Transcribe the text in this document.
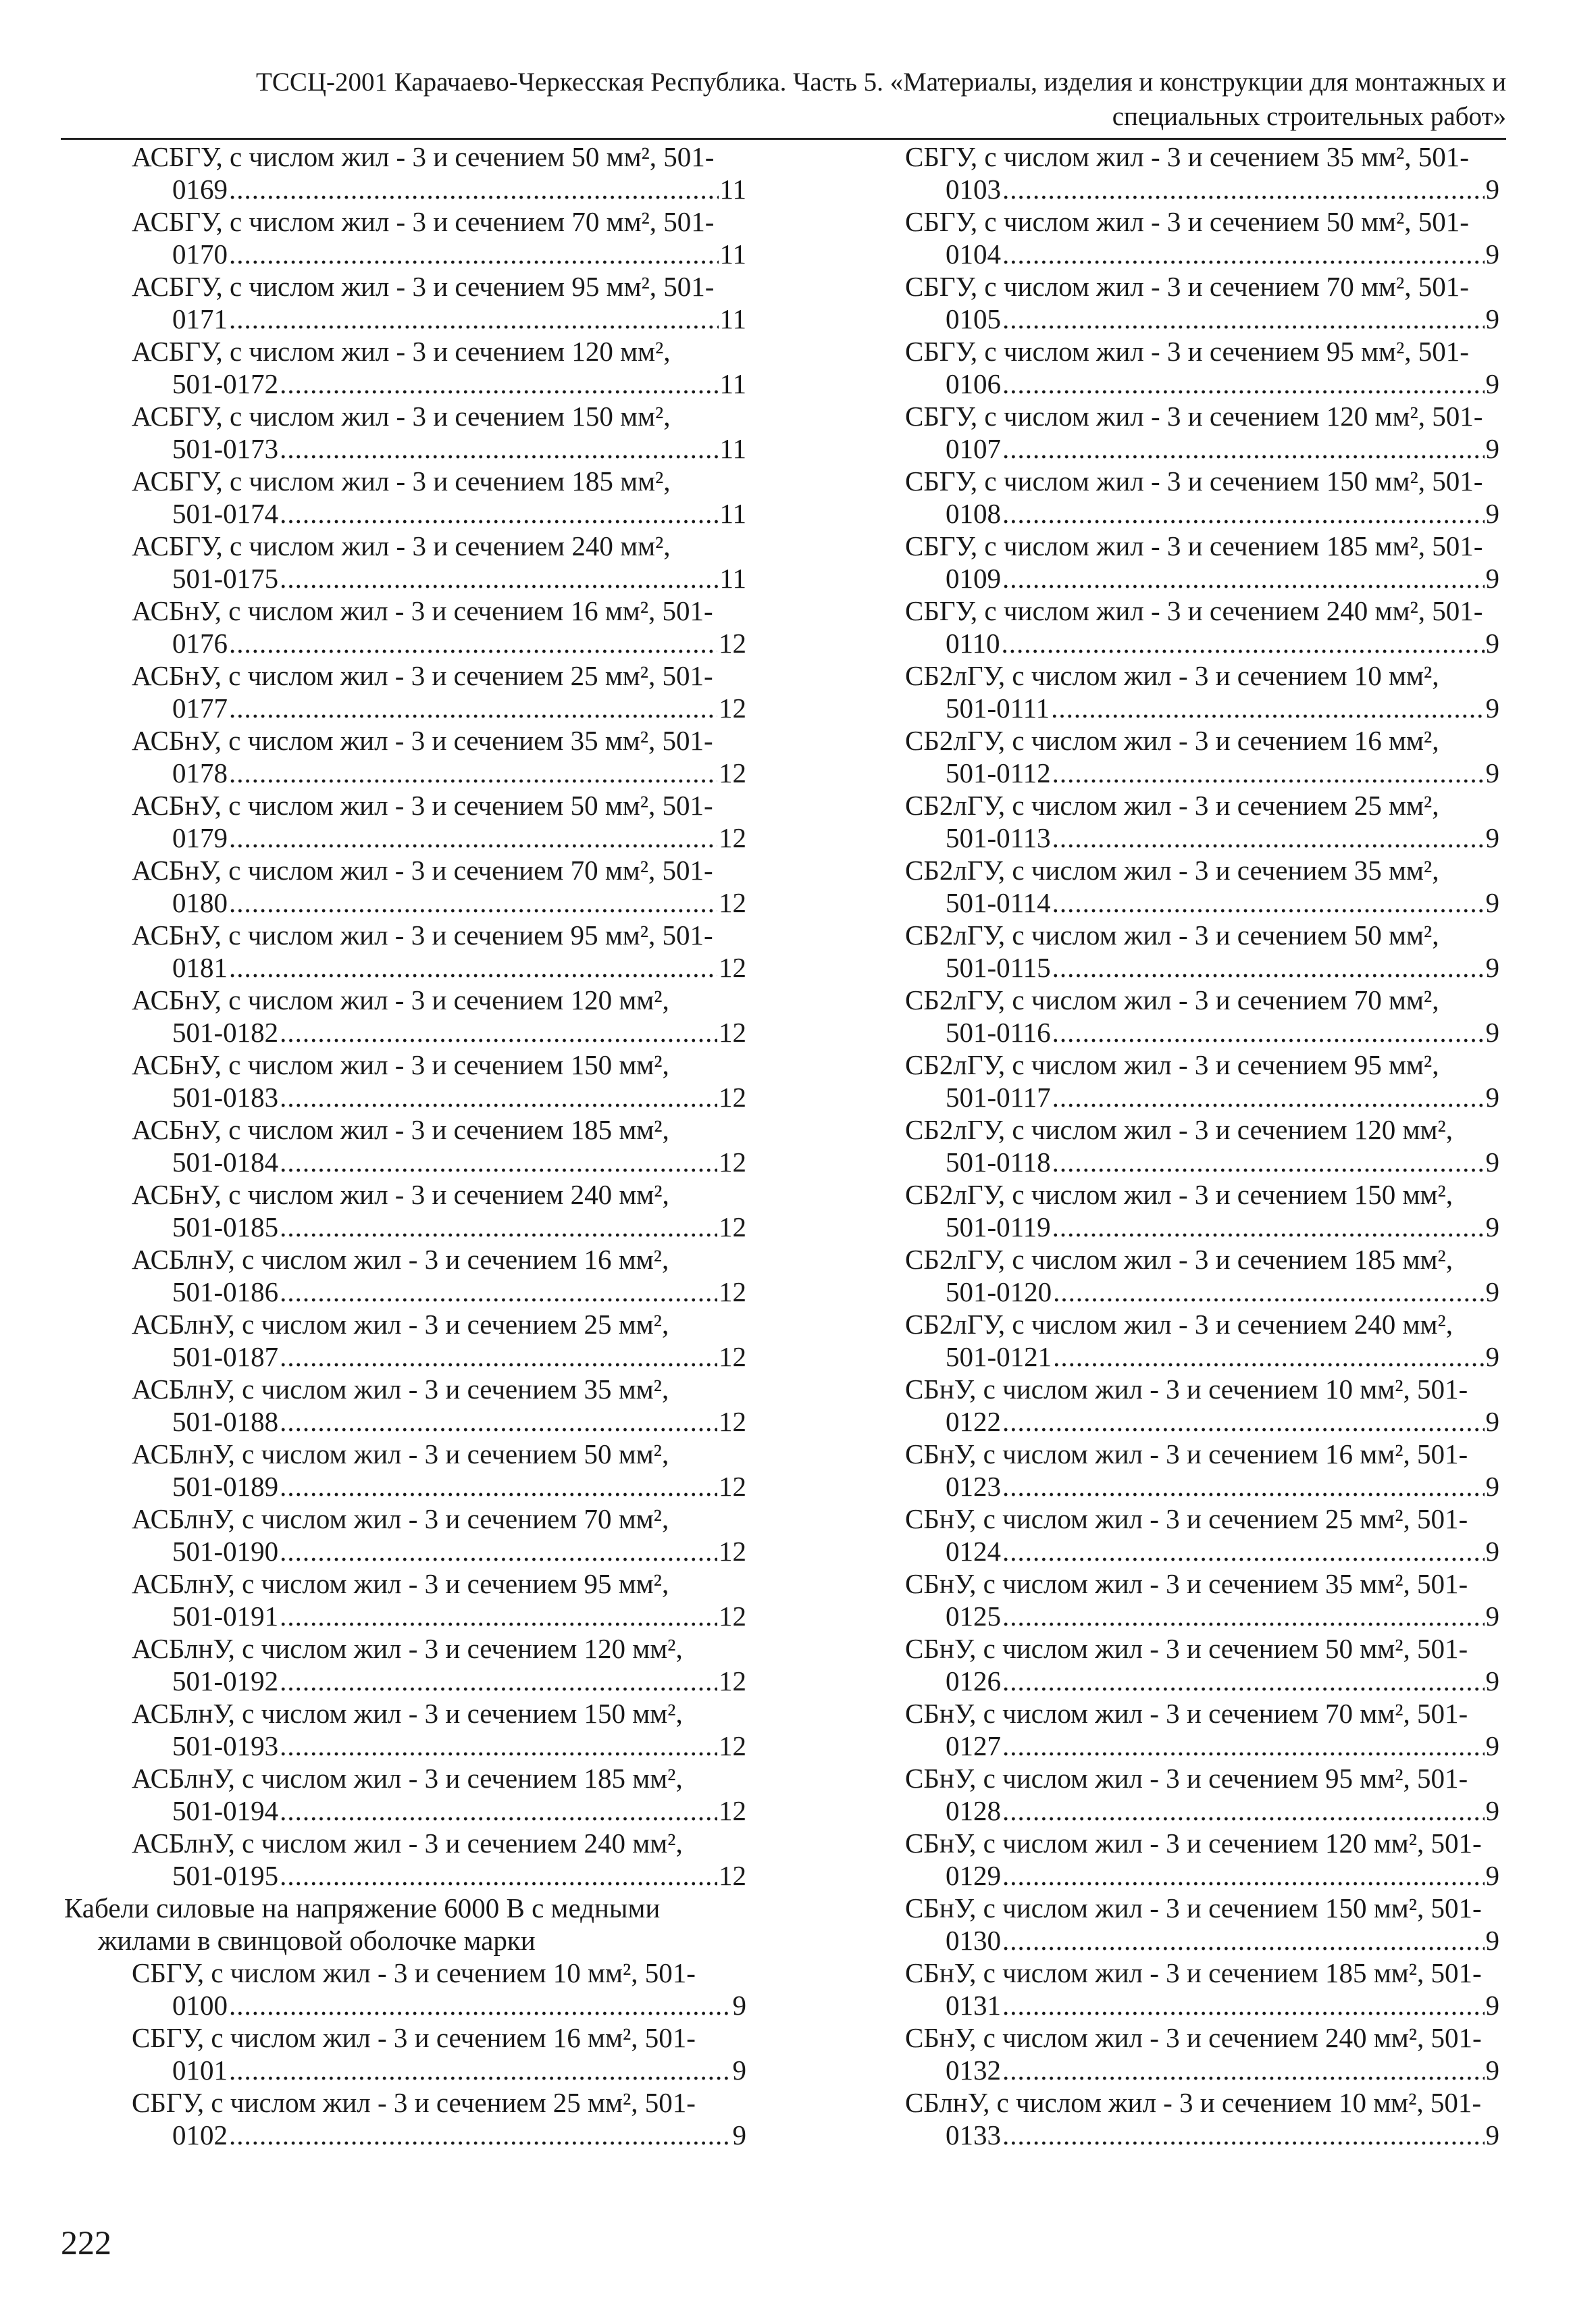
ТССЦ-2001 Карачаево-Черкесская Республика. Часть 5. «Материалы, изделия и конструкции для монтажных и
специальных строительных работ»
АСБГУ, с числом жил - 3 и сечением 50 мм², 501-
0169 .....	11
АСБГУ, с числом жил - 3 и сечением 70 мм², 501-
0170 .....	11
АСБГУ, с числом жил - 3 и сечением 95 мм², 501-
0171 .....	11
АСБГУ, с числом жил - 3 и сечением 120 мм²,
501-0172 .....	11
АСБГУ, с числом жил - 3 и сечением 150 мм²,
501-0173 .....	11
АСБГУ, с числом жил - 3 и сечением 185 мм²,
501-0174 .....	11
АСБГУ, с числом жил - 3 и сечением 240 мм²,
501-0175 .....	11
АСБнУ, с числом жил - 3 и сечением 16 мм², 501-
0176 .....	12
АСБнУ, с числом жил - 3 и сечением 25 мм², 501-
0177 .....	12
АСБнУ, с числом жил - 3 и сечением 35 мм², 501-
0178 .....	12
АСБнУ, с числом жил - 3 и сечением 50 мм², 501-
0179 .....	12
АСБнУ, с числом жил - 3 и сечением 70 мм², 501-
0180 .....	12
АСБнУ, с числом жил - 3 и сечением 95 мм², 501-
0181 .....	12
АСБнУ, с числом жил - 3 и сечением 120 мм²,
501-0182 .....	12
АСБнУ, с числом жил - 3 и сечением 150 мм²,
501-0183 .....	12
АСБнУ, с числом жил - 3 и сечением 185 мм²,
501-0184 .....	12
АСБнУ, с числом жил - 3 и сечением 240 мм²,
501-0185 .....	12
АСБлнУ, с числом жил - 3 и сечением 16 мм²,
501-0186 .....	12
АСБлнУ, с числом жил - 3 и сечением 25 мм²,
501-0187 .....	12
АСБлнУ, с числом жил - 3 и сечением 35 мм²,
501-0188 .....	12
АСБлнУ, с числом жил - 3 и сечением 50 мм²,
501-0189 .....	12
АСБлнУ, с числом жил - 3 и сечением 70 мм²,
501-0190 .....	12
АСБлнУ, с числом жил - 3 и сечением 95 мм²,
501-0191 .....	12
АСБлнУ, с числом жил - 3 и сечением 120 мм²,
501-0192 .....	12
АСБлнУ, с числом жил - 3 и сечением 150 мм²,
501-0193 .....	12
АСБлнУ, с числом жил - 3 и сечением 185 мм²,
501-0194 .....	12
АСБлнУ, с числом жил - 3 и сечением 240 мм²,
501-0195 .....	12
Кабели силовые на напряжение 6000 В с медными
жилами в свинцовой оболочке марки
СБГУ, с числом жил - 3 и сечением 10 мм², 501-
0100 .....	9
СБГУ, с числом жил - 3 и сечением 16 мм², 501-
0101 .....	9
СБГУ, с числом жил - 3 и сечением 25 мм², 501-
0102 .....	9
СБГУ, с числом жил - 3 и сечением 35 мм², 501-
0103 .....	9
СБГУ, с числом жил - 3 и сечением 50 мм², 501-
0104 .....	9
СБГУ, с числом жил - 3 и сечением 70 мм², 501-
0105 .....	9
СБГУ, с числом жил - 3 и сечением 95 мм², 501-
0106 .....	9
СБГУ, с числом жил - 3 и сечением 120 мм², 501-
0107 .....	9
СБГУ, с числом жил - 3 и сечением 150 мм², 501-
0108 .....	9
СБГУ, с числом жил - 3 и сечением 185 мм², 501-
0109 .....	9
СБГУ, с числом жил - 3 и сечением 240 мм², 501-
0110 .....	9
СБ2лГУ, с числом жил - 3 и сечением 10 мм²,
501-0111 .....	9
СБ2лГУ, с числом жил - 3 и сечением 16 мм²,
501-0112 .....	9
СБ2лГУ, с числом жил - 3 и сечением 25 мм²,
501-0113 .....	9
СБ2лГУ, с числом жил - 3 и сечением 35 мм²,
501-0114 .....	9
СБ2лГУ, с числом жил - 3 и сечением 50 мм²,
501-0115 .....	9
СБ2лГУ, с числом жил - 3 и сечением 70 мм²,
501-0116 .....	9
СБ2лГУ, с числом жил - 3 и сечением 95 мм²,
501-0117 .....	9
СБ2лГУ, с числом жил - 3 и сечением 120 мм²,
501-0118 .....	9
СБ2лГУ, с числом жил - 3 и сечением 150 мм²,
501-0119 .....	9
СБ2лГУ, с числом жил - 3 и сечением 185 мм²,
501-0120 .....	9
СБ2лГУ, с числом жил - 3 и сечением 240 мм²,
501-0121 .....	9
СБнУ, с числом жил - 3 и сечением 10 мм², 501-
0122 .....	9
СБнУ, с числом жил - 3 и сечением 16 мм², 501-
0123 .....	9
СБнУ, с числом жил - 3 и сечением 25 мм², 501-
0124 .....	9
СБнУ, с числом жил - 3 и сечением 35 мм², 501-
0125 .....	9
СБнУ, с числом жил - 3 и сечением 50 мм², 501-
0126 .....	9
СБнУ, с числом жил - 3 и сечением 70 мм², 501-
0127 .....	9
СБнУ, с числом жил - 3 и сечением 95 мм², 501-
0128 .....	9
СБнУ, с числом жил - 3 и сечением 120 мм², 501-
0129 .....	9
СБнУ, с числом жил - 3 и сечением 150 мм², 501-
0130 .....	9
СБнУ, с числом жил - 3 и сечением 185 мм², 501-
0131 .....	9
СБнУ, с числом жил - 3 и сечением 240 мм², 501-
0132 .....	9
СБлнУ, с числом жил - 3 и сечением 10 мм², 501-
0133 .....	9
222
